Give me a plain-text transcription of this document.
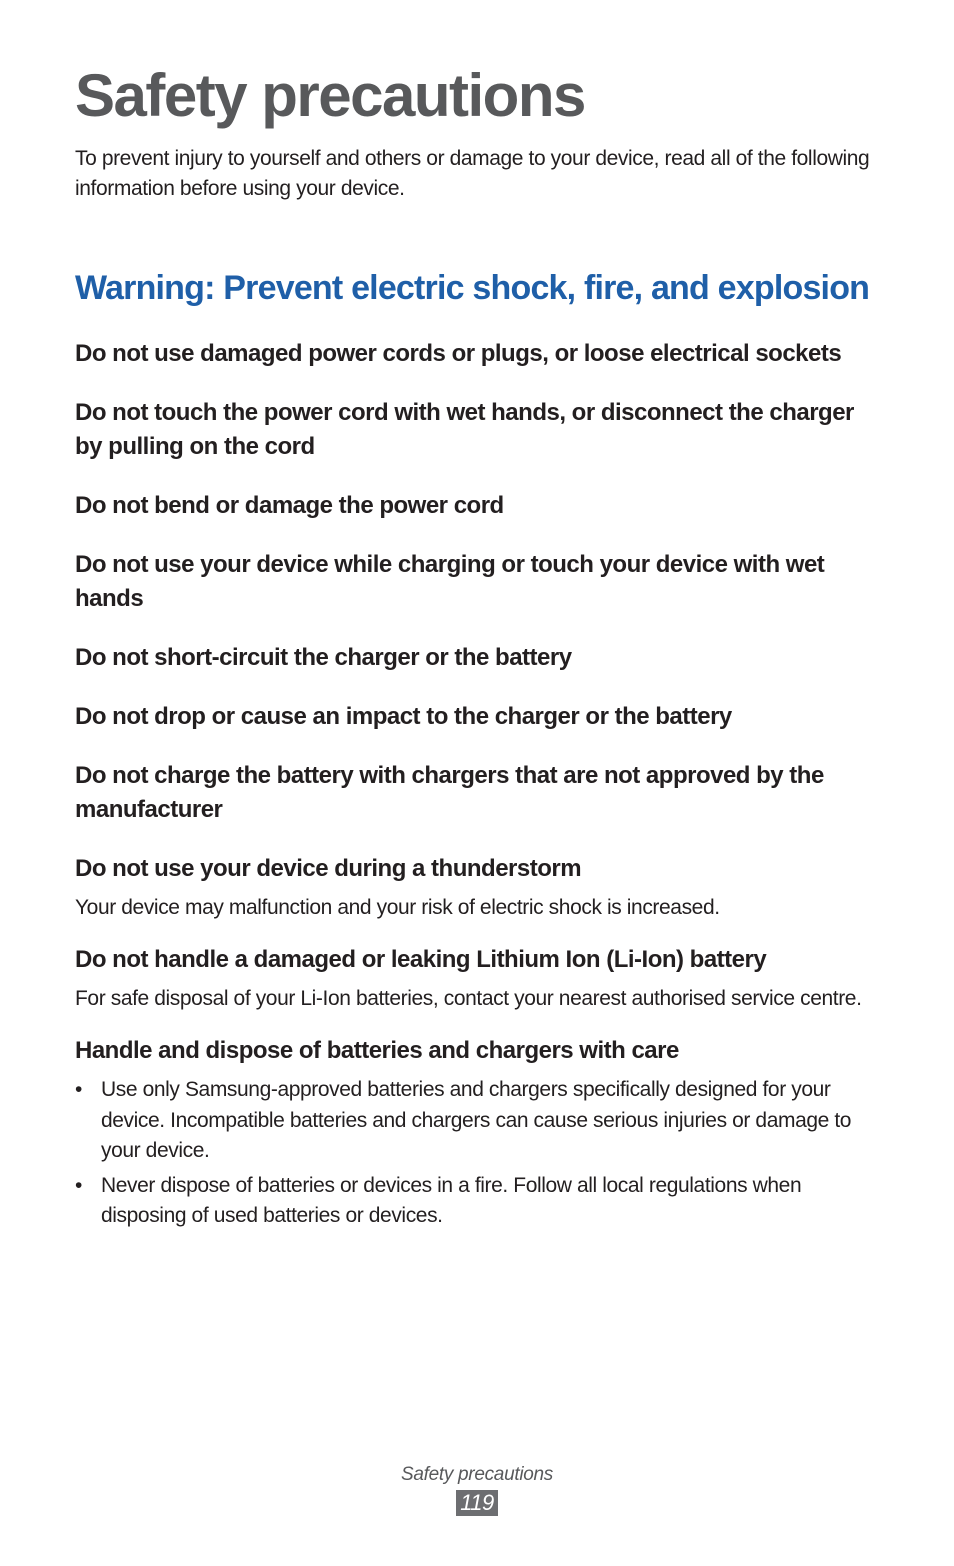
Safety precautions

To prevent injury to yourself and others or damage to your device, read all of the following information before using your device.

Warning: Prevent electric shock, fire, and explosion

Do not use damaged power cords or plugs, or loose electrical sockets

Do not touch the power cord with wet hands, or disconnect the charger by pulling on the cord

Do not bend or damage the power cord

Do not use your device while charging or touch your device with wet hands

Do not short-circuit the charger or the battery

Do not drop or cause an impact to the charger or the battery

Do not charge the battery with chargers that are not approved by the manufacturer

Do not use your device during a thunderstorm

Your device may malfunction and your risk of electric shock is increased.

Do not handle a damaged or leaking Lithium Ion (Li-Ion) battery

For safe disposal of your Li-Ion batteries, contact your nearest authorised service centre.

Handle and dispose of batteries and chargers with care

• Use only Samsung-approved batteries and chargers specifically designed for your device. Incompatible batteries and chargers can cause serious injuries or damage to your device.
• Never dispose of batteries or devices in a fire. Follow all local regulations when disposing of used batteries or devices.
Safety precautions
119
